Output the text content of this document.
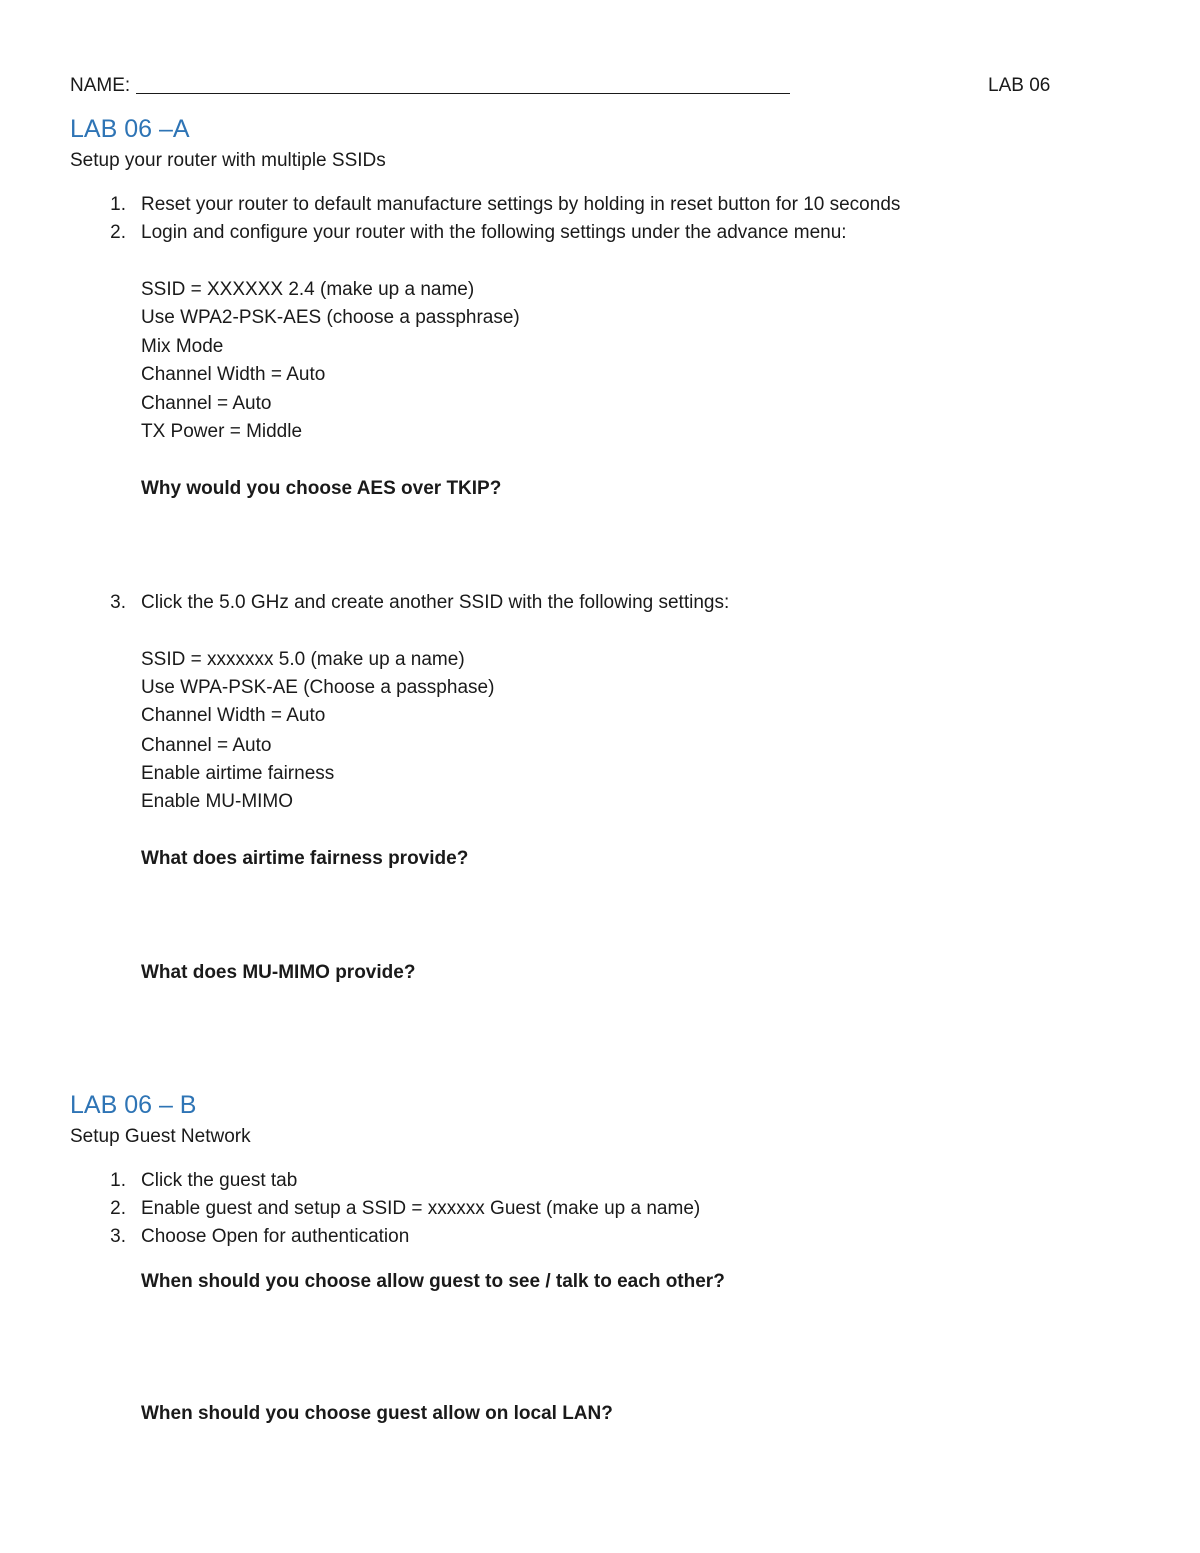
NAME:	LAB 06
LAB 06 –A
Setup your router with multiple SSIDs
1. Reset your router to default manufacture settings by holding in reset button for 10 seconds
2. Login and configure your router with the following settings under the advance menu:
SSID = XXXXXX 2.4 (make up a name)
Use WPA2-PSK-AES (choose a passphrase)
Mix Mode
Channel Width = Auto
Channel = Auto
TX Power = Middle
Why would you choose AES over TKIP?
3. Click the 5.0 GHz and create another SSID with the following settings:
SSID = xxxxxxx 5.0 (make up a name)
Use WPA-PSK-AE (Choose a passphase)
Channel Width = Auto
Channel = Auto
Enable airtime fairness
Enable MU-MIMO
What does airtime fairness provide?
What does MU-MIMO provide?
LAB 06 – B
Setup Guest Network
1. Click the guest tab
2. Enable guest and setup a SSID = xxxxxx Guest (make up a name)
3. Choose Open for authentication
When should you choose allow guest to see / talk to each other?
When should you choose guest allow on local LAN?
